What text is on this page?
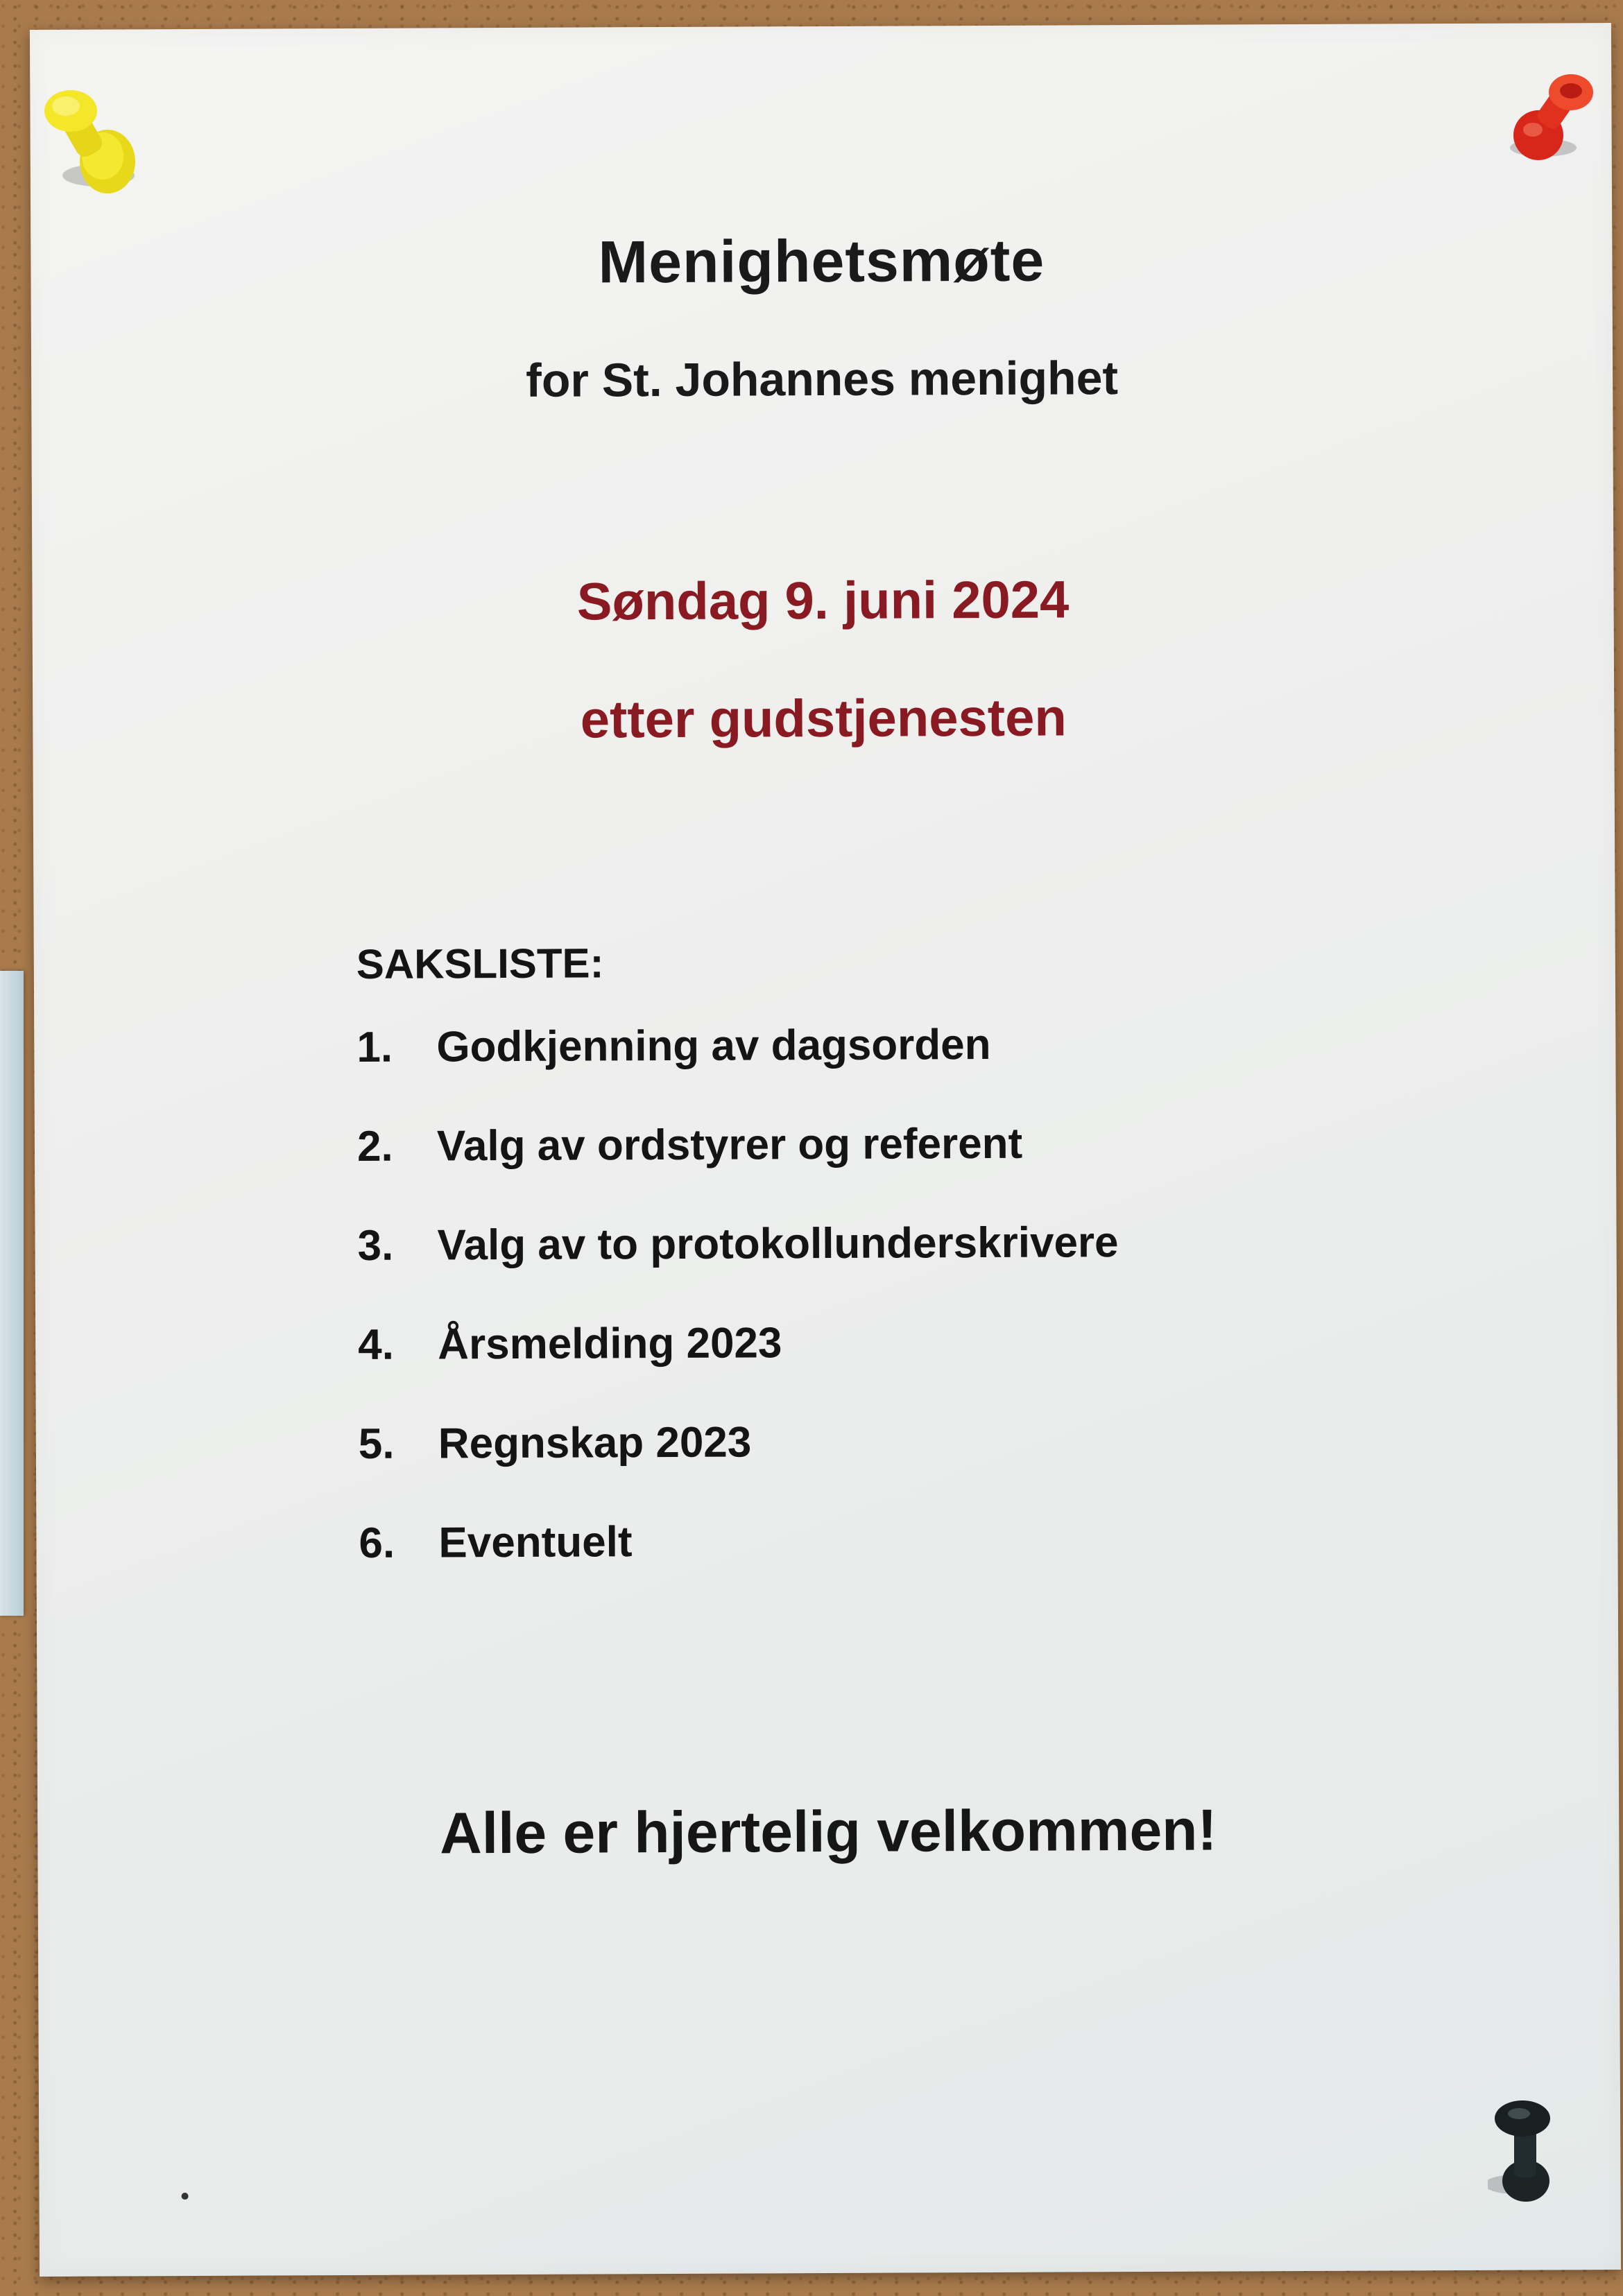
Menighetsmøte
for St. Johannes menighet
Søndag 9. juni 2024
etter gudstjenesten
SAKSLISTE:
1.	Godkjenning av dagsorden
2.	Valg av ordstyrer og referent
3.	Valg av to protokollunderskrivere
4.	Årsmelding 2023
5.	Regnskap 2023
6.	Eventuelt
Alle er hjertelig velkommen!
